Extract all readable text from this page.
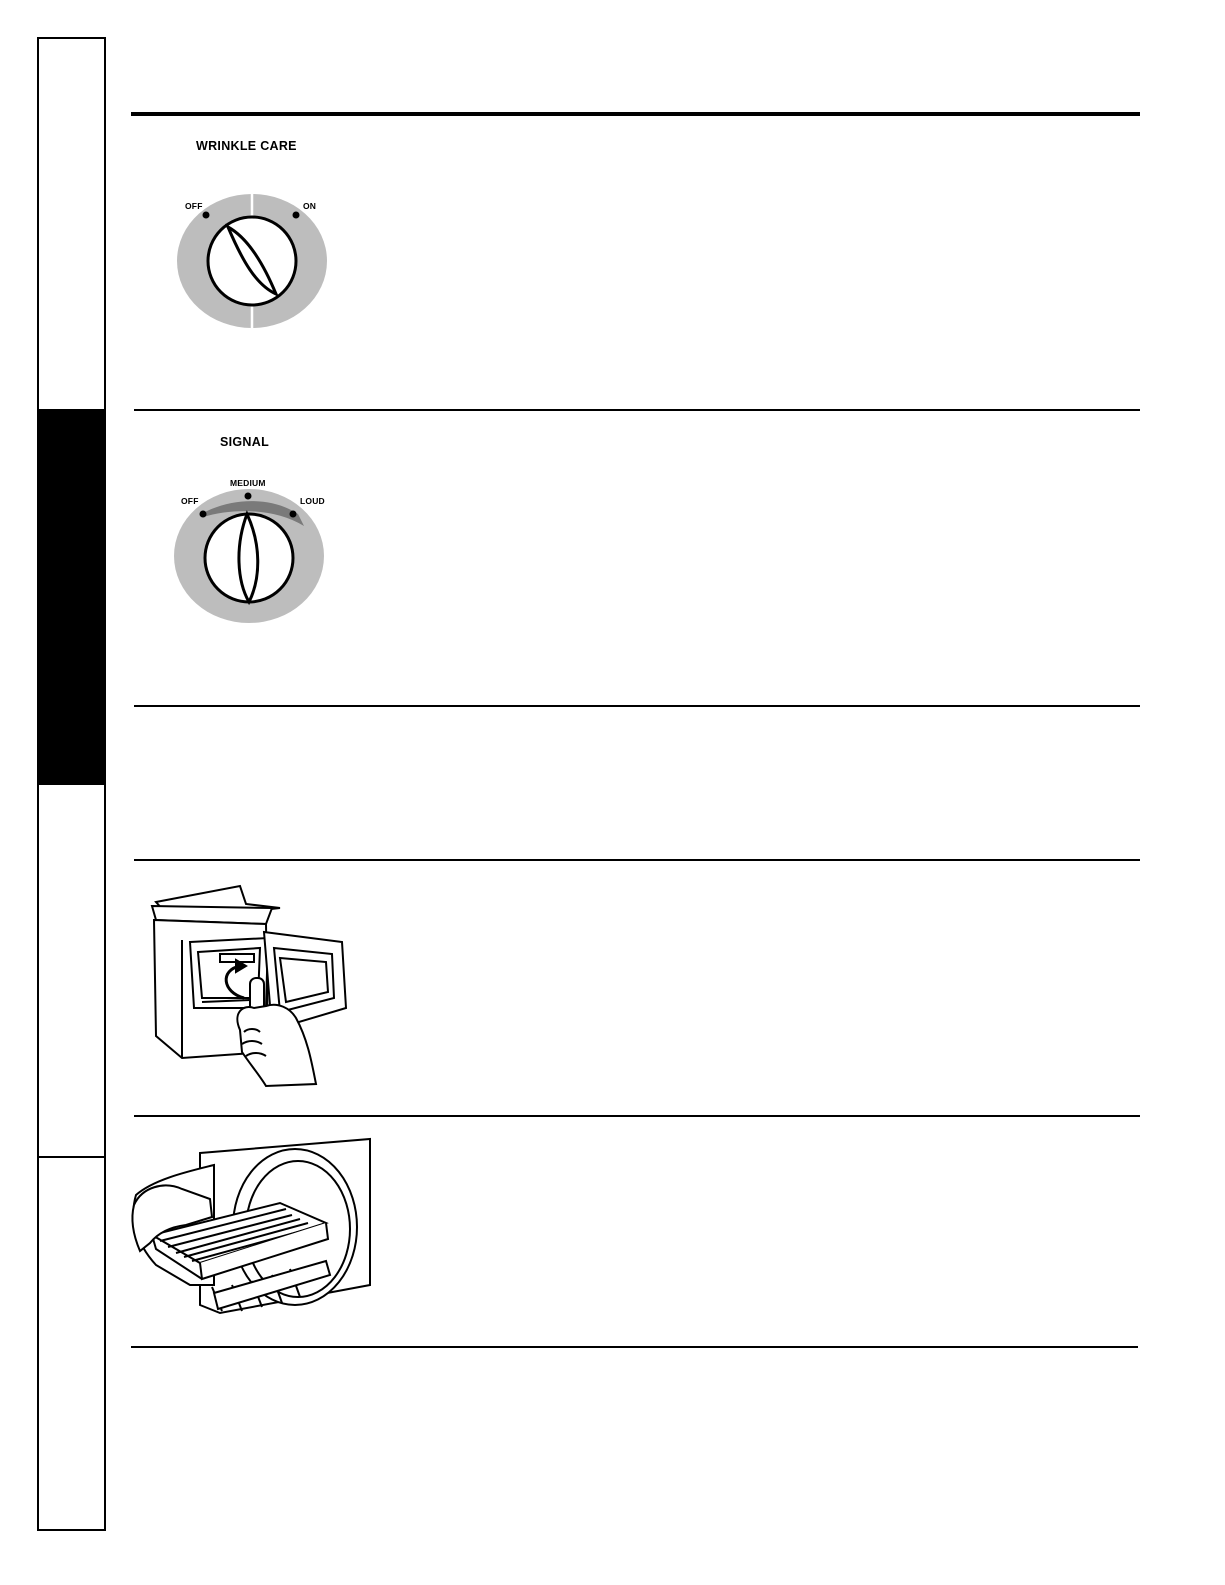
WRINKLE CARE
OFF	ON
SIGNAL
MEDIUM
OFF	LOUD
